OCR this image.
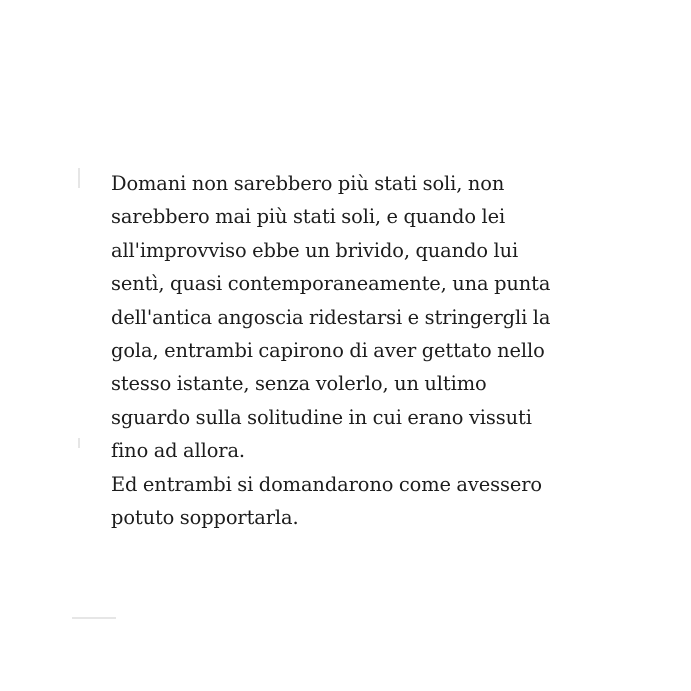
Domani non sarebbero più stati soli, non
sarebbero mai più stati soli, e quando lei
all'improvviso ebbe un brivido, quando lui
sentì, quasi contemporaneamente, una punta
dell'antica angoscia ridestarsi e stringergli la
gola, entrambi capirono di aver gettato nello
stesso istante, senza volerlo, un ultimo
sguardo sulla solitudine in cui erano vissuti
fino ad allora.
Ed entrambi si domandarono come avessero
potuto sopportarla.
